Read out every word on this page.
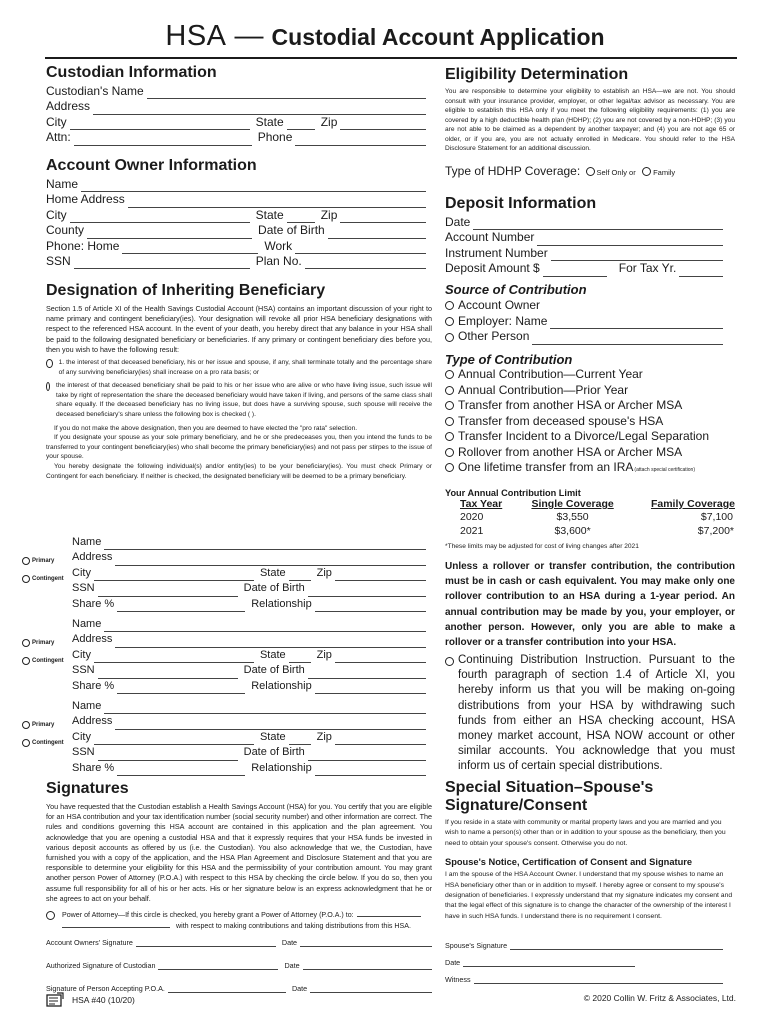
HSA — Custodial Account Application
Custodian Information
Custodian's Name
Address
City	State	Zip
Attn:	Phone
Account Owner Information
Name
Home Address
City	State	Zip
County	Date of Birth
Phone: Home	Work
SSN	Plan No.
Designation of Inheriting Beneficiary
Section 1.5 of Article XI of the Health Savings Custodial Account (HSA) contains an important discussion of your right to name primary and contingent beneficiary(ies). Your designation will revoke all prior HSA beneficiary designations with respect to the referenced HSA account. In the event of your death, you hereby direct that any balance in your HSA shall be paid to the following designated beneficiary or beneficiaries. If any primary or contingent beneficiary dies before you, then you wish to have the following result:
1. the interest of that deceased beneficiary, his or her issue and spouse, if any, shall terminate totally and the percentage share of any surviving beneficiary(ies) shall increase on a pro rata basis; or
the interest of that deceased beneficiary shall be paid to his or her issue who are alive or who have living issue, such issue will take by right of representation the share the deceased beneficiary would have taken if living, and persons of the same class shall share equally. If the deceased beneficiary has no living issue, but does have a surviving spouse, such spouse will receive the deceased beneficiary's share unless the following box is checked ( ).
If you do not make the above designation, then you are deemed to have elected the "pro rata" selection.
If you designate your spouse as your sole primary beneficiary, and he or she predeceases you, then you intend the funds to be transferred to your contingent beneficiary(ies) who shall become the primary beneficiary(ies) and not pass per stirpes to the issue of your spouse.
You hereby designate the following individual(s) and/or entity(ies) to be your beneficiary(ies). You must check Primary or Contingent for each beneficiary. If neither is checked, the designated beneficiary will be deemed to be a primary beneficiary.
Primary
Contingent
Name
Address
City	State	Zip
SSN	Date of Birth
Share %	Relationship
Primary
Contingent
Name
Address
City	State	Zip
SSN	Date of Birth
Share %	Relationship
Primary
Contingent
Name
Address
City	State	Zip
SSN	Date of Birth
Share %	Relationship
Signatures
You have requested that the Custodian establish a Health Savings Account (HSA) for you. You certify that you are eligible for an HSA contribution and your tax identification number (social security number) and other information are correct. The rules and conditions governing this HSA account are contained in this application and the plan agreement. You acknowledge that you are opening a custodial HSA and that it expressly requires that your HSA funds be invested in various deposit accounts as offered by us (i.e. the Custodian). You also acknowledge that we, the Custodian, have furnished you with a copy of the application, and the HSA Plan Agreement and Disclosure Statement and that you are responsible to determine your eligibility for this HSA and the permissibility of your contribution amount. You may grant another person Power of Attorney (P.O.A.) with respect to this HSA by checking the circle below. If you do so, then you assume full responsibility for all of his or her acts. His or her signature below is an express acknowledgment that he or she agrees to act on your behalf.
Power of Attorney—If this circle is checked, you hereby grant a Power of Attorney (P.O.A.) to:
with respect to making contributions and taking distributions from this HSA.
Account Owners' Signature	Date
Authorized Signature of Custodian	Date
Signature of Person Accepting P.O.A.	Date
HSA #40 (10/20)	© 2020 Collin W. Fritz & Associates, Ltd.
Eligibility Determination
You are responsible to determine your eligibility to establish an HSA—we are not. You should consult with your insurance provider, employer, or other legal/tax advisor as necessary. You are eligible to establish this HSA only if you meet the following eligibility requirements: (1) you are covered by a high deductible health plan (HDHP); (2) you are not covered by a non-HDHP; (3) you are not able to be claimed as a dependent by another taxpayer; and (4) you are not age 65 or older, or if you are, you are not actually enrolled in Medicare. You should refer to the HSA Disclosure Statement for an additional discussion.
Type of HDHP Coverage: Self Only or Family
Deposit Information
Date
Account Number
Instrument Number
Deposit Amount $	For Tax Yr.
Source of Contribution
Account Owner
Employer: Name
Other Person
Type of Contribution
Annual Contribution—Current Year
Annual Contribution—Prior Year
Transfer from another HSA or Archer MSA
Transfer from deceased spouse's HSA
Transfer Incident to a Divorce/Legal Separation
Rollover from another HSA or Archer MSA
One lifetime transfer from an IRA(attach special certification)
Your Annual Contribution Limit
Tax Year	Single Coverage	Family Coverage
2020	$3,550	$7,100
2021	$3,600*	$7,200*
*These limits may be adjusted for cost of living changes after 2021
Unless a rollover or transfer contribution, the contribution must be in cash or cash equivalent. You may make only one rollover contribution to an HSA during a 1-year period. An annual contribution may be made by you, your employer, or another person. However, only you are able to make a rollover or a transfer contribution into your HSA.
Continuing Distribution Instruction. Pursuant to the fourth paragraph of section 1.4 of Article XI, you hereby inform us that you will be making on-going distributions from your HSA by withdrawing such funds from either an HSA checking account, HSA money market account, HSA NOW account or other similar accounts. You acknowledge that you must inform us of certain special distributions.
Special Situation–Spouse's
Signature/Consent
If you reside in a state with community or marital property laws and you are married and you wish to name a person(s) other than or in addition to your spouse as the beneficiary, then you need to obtain your spouse's consent. Otherwise you do not.
Spouse's Notice, Certification of Consent and Signature
I am the spouse of the HSA Account Owner. I understand that my spouse wishes to name an HSA beneficiary other than or in addition to myself. I hereby agree or consent to my spouse's designation of beneficiaries. I expressly understand that my signature indicates my consent and that the legal effect of this signature is to change the character of the ownership of the interest I have in such HSA funds. I understand there is no requirement I consent.
Spouse's Signature
Date
Witness
